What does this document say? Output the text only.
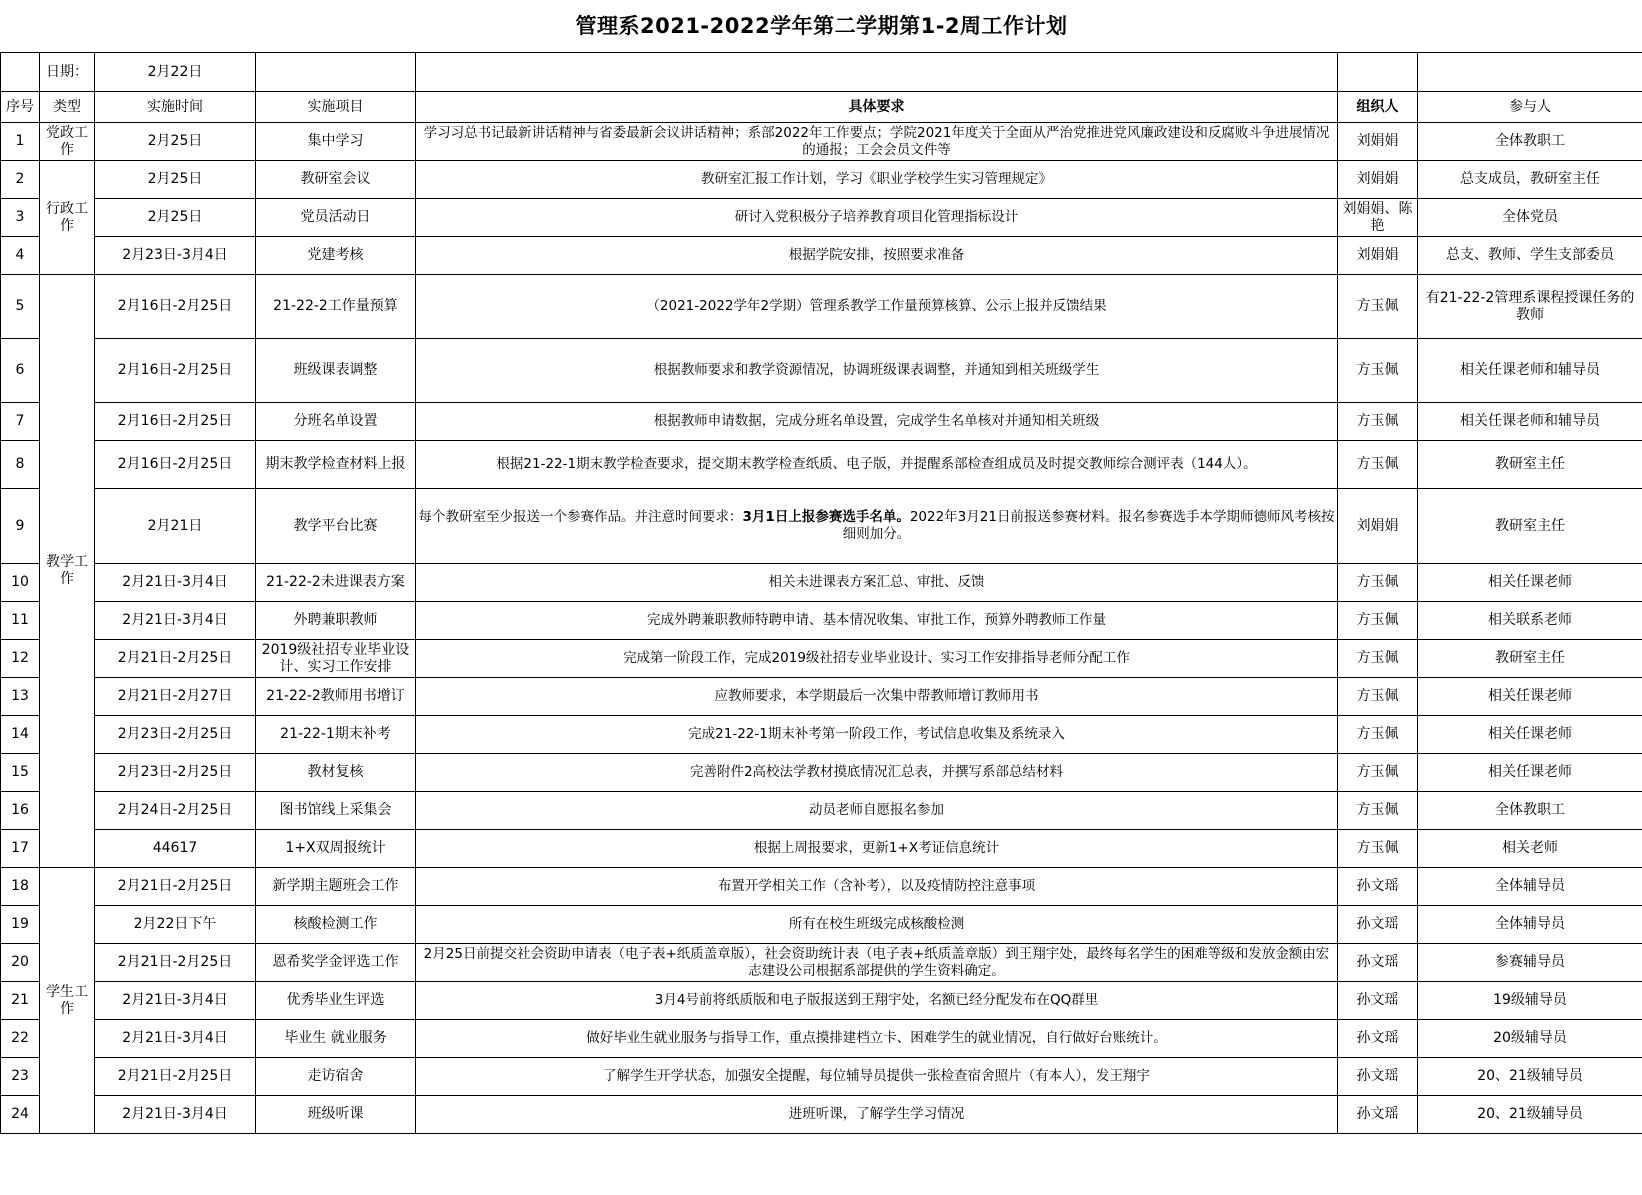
管理系2021-2022学年第二学期第1-2周工作计划						
	日期：	2月22日				
序号	类型	实施时间	实施项目	具体要求	组织人	参与人
1	党政工作	2月25日	集中学习	学习习总书记最新讲话精神与省委最新会议讲话精神；系部2022年工作要点；学院2021年度关于全面从严治党推进党风廉政建设和反腐败斗争进展情况的通报；工会会员文件等	刘娟娟	全体教职工
2	行政工作	2月25日	教研室会议	教研室汇报工作计划，学习《职业学校学生实习管理规定》	刘娟娟	总支成员，教研室主任
3		2月25日	党员活动日	研讨入党积极分子培养教育项目化管理指标设计	刘娟娟、陈艳	全体党员
4		2月23日-3月4日	党建考核	根据学院安排，按照要求准备	刘娟娟	总支、教师、学生支部委员
5	教学工作	2月16日-2月25日	21-22-2工作量预算	（2021-2022学年2学期）管理系教学工作量预算核算、公示上报并反馈结果	方玉佩	有21-22-2管理系课程授课任务的教师
6		2月16日-2月25日	班级课表调整	根据教师要求和教学资源情况，协调班级课表调整，并通知到相关班级学生	方玉佩	相关任课老师和辅导员
7		2月16日-2月25日	分班名单设置	根据教师申请数据，完成分班名单设置，完成学生名单核对并通知相关班级	方玉佩	相关任课老师和辅导员
8		2月16日-2月25日	期末教学检查材料上报	根据21-22-1期末教学检查要求，提交期末教学检查纸质、电子版，并提醒系部检查组成员及时提交教师综合测评表（144人）。	方玉佩	教研室主任
9		2月21日	教学平台比赛	每个教研室至少报送一个参赛作品。并注意时间要求：3月1日上报参赛选手名单。2022年3月21日前报送参赛材料。报名参赛选手本学期师德师风考核按细则加分。	刘娟娟	教研室主任
10		2月21日-3月4日	21-22-2未进课表方案	相关未进课表方案汇总、审批、反馈	方玉佩	相关任课老师
11		2月21日-3月4日	外聘兼职教师	完成外聘兼职教师特聘申请、基本情况收集、审批工作，预算外聘教师工作量	方玉佩	相关联系老师
12		2月21日-2月25日	2019级社招专业毕业设计、实习工作安排	完成第一阶段工作，完成2019级社招专业毕业设计、实习工作安排指导老师分配工作	方玉佩	教研室主任
13		2月21日-2月27日	21-22-2教师用书增订	应教师要求，本学期最后一次集中帮教师增订教师用书	方玉佩	相关任课老师
14		2月23日-2月25日	21-22-1期末补考	完成21-22-1期末补考第一阶段工作，考试信息收集及系统录入	方玉佩	相关任课老师
15		2月23日-2月25日	教材复核	完善附件2高校法学教材摸底情况汇总表，并撰写系部总结材料	方玉佩	相关任课老师
16		2月24日-2月25日	图书馆线上采集会	动员老师自愿报名参加	方玉佩	全体教职工
17		44617	1+X双周报统计	根据上周报要求，更新1+X考证信息统计	方玉佩	相关老师
18	学生工作	2月21日-2月25日	新学期主题班会工作	布置开学相关工作（含补考），以及疫情防控注意事项	孙文瑶	全体辅导员
19		2月22日下午	核酸检测工作	所有在校生班级完成核酸检测	孙文瑶	全体辅导员
20		2月21日-2月25日	恩希奖学金评选工作	2月25日前提交社会资助申请表（电子表+纸质盖章版），社会资助统计表（电子表+纸质盖章版）到王翔宇处，最终每名学生的困难等级和发放金额由宏志建设公司根据系部提供的学生资料确定。	孙文瑶	参赛辅导员
21		2月21日-3月4日	优秀毕业生评选	3月4号前将纸质版和电子版报送到王翔宇处，名额已经分配发布在QQ群里	孙文瑶	19级辅导员
22		2月21日-3月4日	毕业生 就业服务	做好毕业生就业服务与指导工作，重点摸排建档立卡、困难学生的就业情况，自行做好台账统计。	孙文瑶	20级辅导员
23		2月21日-2月25日	走访宿舍	了解学生开学状态，加强安全提醒，每位辅导员提供一张检查宿舍照片（有本人），发王翔宇	孙文瑶	20、21级辅导员
24		2月21日-3月4日	班级听课	进班听课，了解学生学习情况	孙文瑶	20、21级辅导员
